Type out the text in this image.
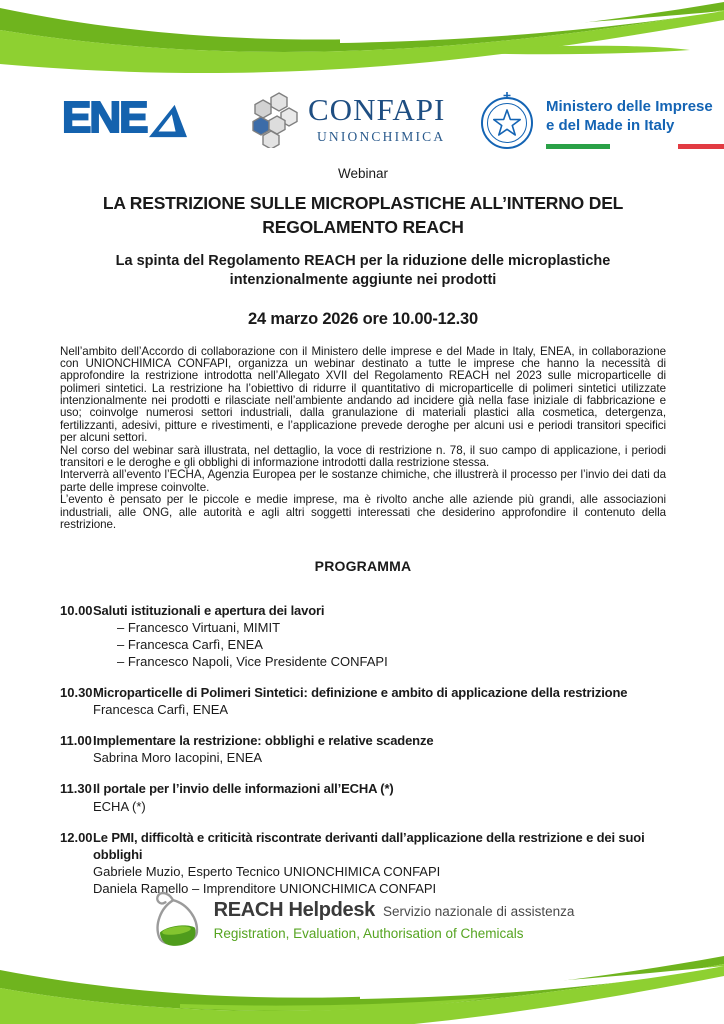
ENE	CONFAPI
UNIONCHIMICA
Ministero delle Imprese
e del Made in Italy
Webinar
LA RESTRIZIONE SULLE MICROPLASTICHE ALL’INTERNO DEL REGOLAMENTO REACH
La spinta del Regolamento REACH per la riduzione delle microplastiche intenzionalmente aggiunte nei prodotti
24 marzo 2026 ore 10.00-12.30

Nell’ambito dell’Accordo di collaborazione con il Ministero delle imprese e del Made in Italy, ENEA, in collaborazione con UNIONCHIMICA CONFAPI, organizza un webinar destinato a tutte le imprese che hanno la necessità di approfondire la restrizione introdotta nell’Allegato XVII del Regolamento REACH nel 2023 sulle microparticelle di polimeri sintetici. La restrizione ha l’obiettivo di ridurre il quantitativo di microparticelle di polimeri sintetici utilizzate intenzionalmente nei prodotti e rilasciate nell’ambiente andando ad incidere già nella fase iniziale di fabbricazione e uso; coinvolge numerosi settori industriali, dalla granulazione di materiali plastici alla cosmetica, detergenza, fertilizzanti, adesivi, pitture e rivestimenti, e l’applicazione prevede deroghe per alcuni usi e periodi transitori specifici per alcuni settori.

Nel corso del webinar sarà illustrata, nel dettaglio, la voce di restrizione n. 78, il suo campo di applicazione, i periodi transitori e le deroghe e gli obblighi di informazione introdotti dalla restrizione stessa.

Interverrà all’evento l’ECHA, Agenzia Europea per le sostanze chimiche, che illustrerà il processo per l’invio dei dati da parte delle imprese coinvolte.

L’evento è pensato per le piccole e medie imprese, ma è rivolto anche alle aziende più grandi, alle associazioni industriali, alle ONG, alle autorità e agli altri soggetti interessati che desiderino approfondire il contenuto della restrizione.

PROGRAMMA
10.00 Saluti istituzionali e apertura dei lavori
– Francesco Virtuani, MIMIT
– Francesca Carfì, ENEA
– Francesco Napoli, Vice Presidente CONFAPI
10.30 Microparticelle di Polimeri Sintetici: definizione e ambito di applicazione della restrizione
Francesca Carfì, ENEA
11.00 Implementare la restrizione: obblighi e relative scadenze
Sabrina Moro Iacopini, ENEA
11.30 Il portale per l’invio delle informazioni all’ECHA (*)
ECHA (*)
12.00 Le PMI, difficoltà e criticità riscontrate derivanti dall’applicazione della restrizione e dei suoi obblighi
Gabriele Muzio, Esperto Tecnico UNIONCHIMICA CONFAPI
Daniela Ramello – Imprenditore UNIONCHIMICA CONFAPI
REACH Helpdesk Servizio nazionale di assistenza
Registration, Evaluation, Authorisation of Chemicals
